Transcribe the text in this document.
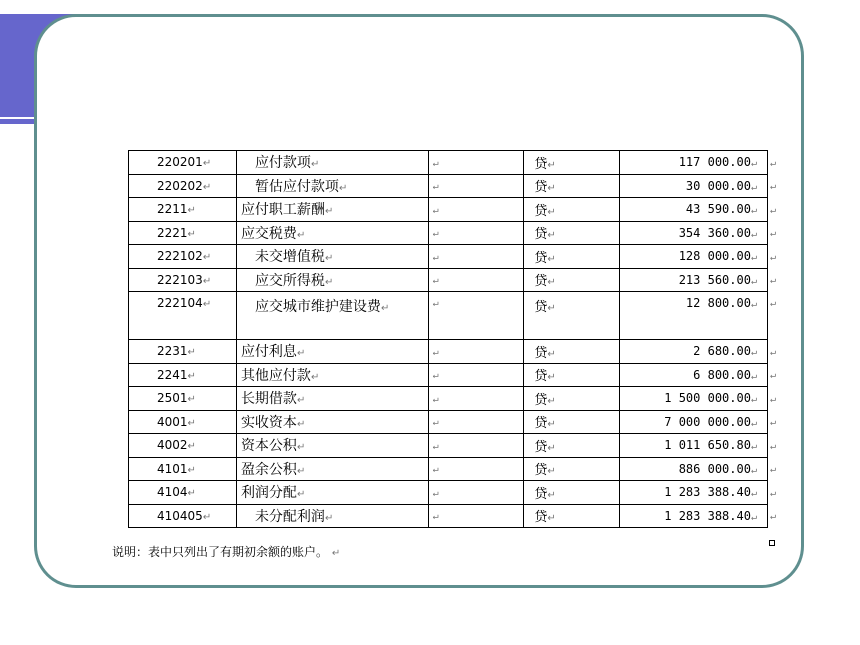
220201↵	应付款项↵	↵	贷↵	117 000.00↵	↵
220202↵	暂估应付款项↵	↵	贷↵	30 000.00↵	↵
2211↵	应付职工薪酬↵	↵	贷↵	43 590.00↵	↵
2221↵	应交税费↵	↵	贷↵	354 360.00↵	↵
222102↵	未交增值税↵	↵	贷↵	128 000.00↵	↵
222103↵	应交所得税↵	↵	贷↵	213 560.00↵	↵
222104↵	应交城市维护建设费↵	↵	贷↵	12 800.00↵	↵
2231↵	应付利息↵	↵	贷↵	2 680.00↵	↵
2241↵	其他应付款↵	↵	贷↵	6 800.00↵	↵
2501↵	长期借款↵	↵	贷↵	1 500 000.00↵	↵
4001↵	实收资本↵	↵	贷↵	7 000 000.00↵	↵
4002↵	资本公积↵	↵	贷↵	1 011 650.80↵	↵
4101↵	盈余公积↵	↵	贷↵	886 000.00↵	↵
4104↵	利润分配↵	↵	贷↵	1 283 388.40↵	↵
410405↵	未分配利润↵	↵	贷↵	1 283 388.40↵	↵
说明：表中只列出了有期初余额的账户。 ↵
